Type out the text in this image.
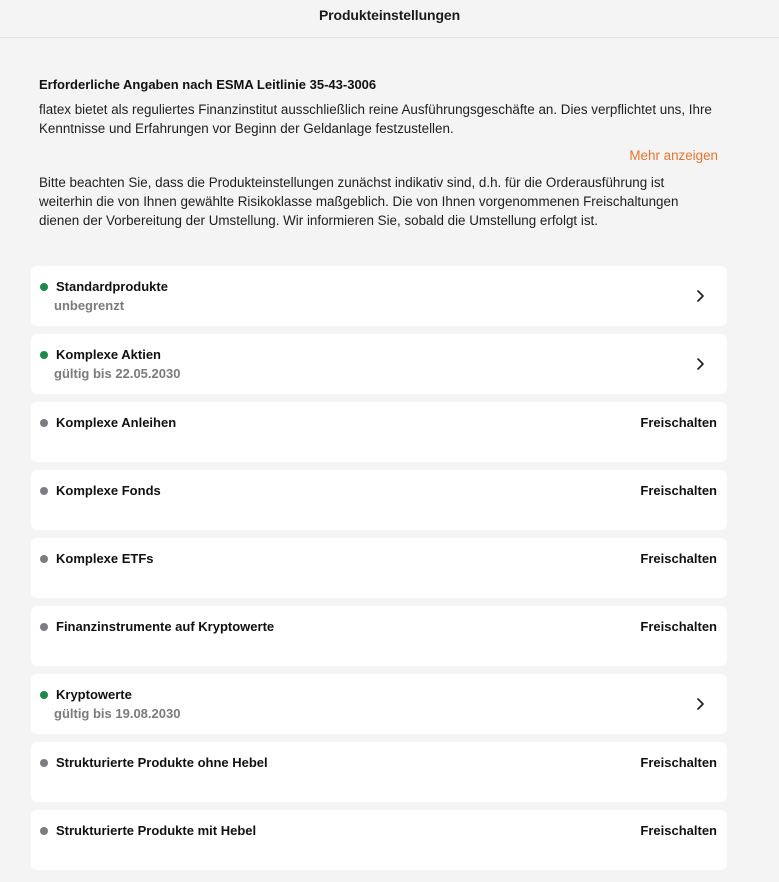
Produkteinstellungen
Erforderliche Angaben nach ESMA Leitlinie 35-43-3006
flatex bietet als reguliertes Finanzinstitut ausschließlich reine Ausführungsgeschäfte an. Dies verpflichtet uns, Ihre Kenntnisse und Erfahrungen vor Beginn der Geldanlage festzustellen.
Mehr anzeigen
Bitte beachten Sie, dass die Produkteinstellungen zunächst indikativ sind, d.h. für die Orderausführung ist weiterhin die von Ihnen gewählte Risikoklasse maßgeblich. Die von Ihnen vorgenommenen Freischaltungen dienen der Vorbereitung der Umstellung. Wir informieren Sie, sobald die Umstellung erfolgt ist.
Standardprodukte
unbegrenzt
Komplexe Aktien
gültig bis 22.05.2030
Komplexe Anleihen	Freischalten
Komplexe Fonds	Freischalten
Komplexe ETFs	Freischalten
Finanzinstrumente auf Kryptowerte	Freischalten
Kryptowerte
gültig bis 19.08.2030
Strukturierte Produkte ohne Hebel	Freischalten
Strukturierte Produkte mit Hebel	Freischalten
